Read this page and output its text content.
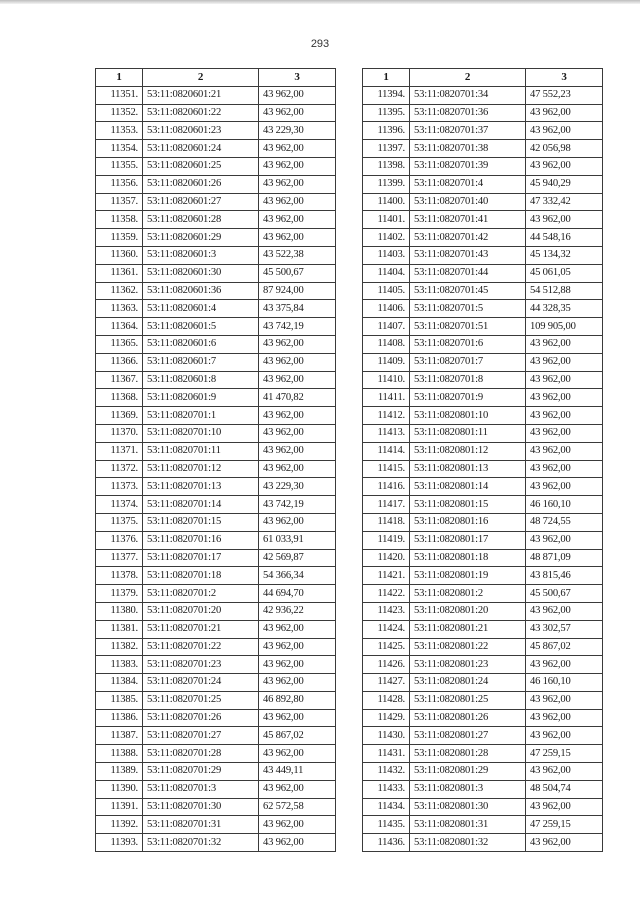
293
1	2	3
11351.	53:11:0820601:21	43 962,00
11352.	53:11:0820601:22	43 962,00
11353.	53:11:0820601:23	43 229,30
11354.	53:11:0820601:24	43 962,00
11355.	53:11:0820601:25	43 962,00
11356.	53:11:0820601:26	43 962,00
11357.	53:11:0820601:27	43 962,00
11358.	53:11:0820601:28	43 962,00
11359.	53:11:0820601:29	43 962,00
11360.	53:11:0820601:3	43 522,38
11361.	53:11:0820601:30	45 500,67
11362.	53:11:0820601:36	87 924,00
11363.	53:11:0820601:4	43 375,84
11364.	53:11:0820601:5	43 742,19
11365.	53:11:0820601:6	43 962,00
11366.	53:11:0820601:7	43 962,00
11367.	53:11:0820601:8	43 962,00
11368.	53:11:0820601:9	41 470,82
11369.	53:11:0820701:1	43 962,00
11370.	53:11:0820701:10	43 962,00
11371.	53:11:0820701:11	43 962,00
11372.	53:11:0820701:12	43 962,00
11373.	53:11:0820701:13	43 229,30
11374.	53:11:0820701:14	43 742,19
11375.	53:11:0820701:15	43 962,00
11376.	53:11:0820701:16	61 033,91
11377.	53:11:0820701:17	42 569,87
11378.	53:11:0820701:18	54 366,34
11379.	53:11:0820701:2	44 694,70
11380.	53:11:0820701:20	42 936,22
11381.	53:11:0820701:21	43 962,00
11382.	53:11:0820701:22	43 962,00
11383.	53:11:0820701:23	43 962,00
11384.	53:11:0820701:24	43 962,00
11385.	53:11:0820701:25	46 892,80
11386.	53:11:0820701:26	43 962,00
11387.	53:11:0820701:27	45 867,02
11388.	53:11:0820701:28	43 962,00
11389.	53:11:0820701:29	43 449,11
11390.	53:11:0820701:3	43 962,00
11391.	53:11:0820701:30	62 572,58
11392.	53:11:0820701:31	43 962,00
11393.	53:11:0820701:32	43 962,00
1	2	3
11394.	53:11:0820701:34	47 552,23
11395.	53:11:0820701:36	43 962,00
11396.	53:11:0820701:37	43 962,00
11397.	53:11:0820701:38	42 056,98
11398.	53:11:0820701:39	43 962,00
11399.	53:11:0820701:4	45 940,29
11400.	53:11:0820701:40	47 332,42
11401.	53:11:0820701:41	43 962,00
11402.	53:11:0820701:42	44 548,16
11403.	53:11:0820701:43	45 134,32
11404.	53:11:0820701:44	45 061,05
11405.	53:11:0820701:45	54 512,88
11406.	53:11:0820701:5	44 328,35
11407.	53:11:0820701:51	109 905,00
11408.	53:11:0820701:6	43 962,00
11409.	53:11:0820701:7	43 962,00
11410.	53:11:0820701:8	43 962,00
11411.	53:11:0820701:9	43 962,00
11412.	53:11:0820801:10	43 962,00
11413.	53:11:0820801:11	43 962,00
11414.	53:11:0820801:12	43 962,00
11415.	53:11:0820801:13	43 962,00
11416.	53:11:0820801:14	43 962,00
11417.	53:11:0820801:15	46 160,10
11418.	53:11:0820801:16	48 724,55
11419.	53:11:0820801:17	43 962,00
11420.	53:11:0820801:18	48 871,09
11421.	53:11:0820801:19	43 815,46
11422.	53:11:0820801:2	45 500,67
11423.	53:11:0820801:20	43 962,00
11424.	53:11:0820801:21	43 302,57
11425.	53:11:0820801:22	45 867,02
11426.	53:11:0820801:23	43 962,00
11427.	53:11:0820801:24	46 160,10
11428.	53:11:0820801:25	43 962,00
11429.	53:11:0820801:26	43 962,00
11430.	53:11:0820801:27	43 962,00
11431.	53:11:0820801:28	47 259,15
11432.	53:11:0820801:29	43 962,00
11433.	53:11:0820801:3	48 504,74
11434.	53:11:0820801:30	43 962,00
11435.	53:11:0820801:31	47 259,15
11436.	53:11:0820801:32	43 962,00
